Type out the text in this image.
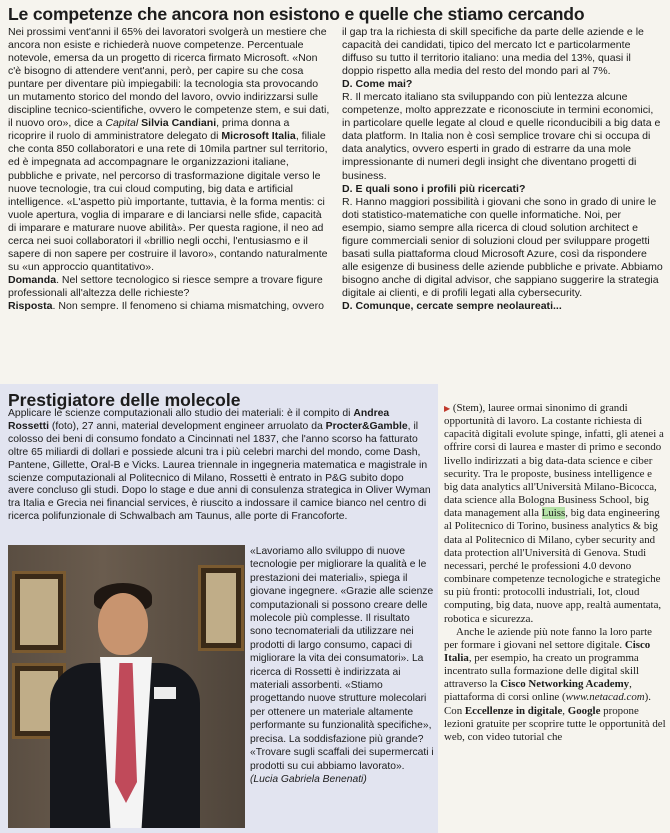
Le competenze che ancora non esistono e quelle che stiamo cercando

Nei prossimi vent'anni il 65% dei lavoratori svolgerà un mestiere che ancora non esiste e richiederà nuove competenze. Percentuale notevole, emersa da un progetto di ricerca firmato Microsoft. «Non c'è bisogno di attendere vent'anni, però, per capire su che cosa puntare per diventare più impiegabili: la tecnologia sta provocando un mutamento storico del mondo del lavoro, ovvio indirizzarsi sulle discipline tecnico-scientifiche, ovvero le competenze stem, e sui dati, il nuovo oro», dice a Capital Silvia Candiani, prima donna a ricoprire il ruolo di amministratore delegato di Microsoft Italia, filiale che conta 850 collaboratori e una rete di 10mila partner sul territorio, ed è impegnata ad accompagnare le organizzazioni italiane, pubbliche e private, nel percorso di trasformazione digitale verso le nuove tecnologie, tra cui cloud computing, big data e artificial intelligence. «L'aspetto più importante, tuttavia, è la forma mentis: ci vuole apertura, voglia di imparare e di lanciarsi nelle sfide, capacità di imparare e maturare nuove abilità». Per questa ragione, il neo ad cerca nei suoi collaboratori il «brillio negli occhi, l'entusiasmo e il sapere di non sapere per costruire il lavoro», contando naturalmente su «un approccio quantitativo».

Domanda. Nel settore tecnologico si riesce sempre a trovare figure professionali all'altezza delle richieste?

Risposta. Non sempre. Il fenomeno si chiama mismatching, ovvero

il gap tra la richiesta di skill specifiche da parte delle aziende e le capacità dei candidati, tipico del mercato Ict e particolarmente diffuso su tutto il territorio italiano: una media del 13%, quasi il doppio rispetto alla media del resto del mondo pari al 7%.

D. Come mai?

R. Il mercato italiano sta sviluppando con più lentezza alcune competenze, molto apprezzate e riconosciute in termini economici, in particolare quelle legate al cloud e quelle riconducibili a big data e data platform. In Italia non è così semplice trovare chi si occupa di data analytics, ovvero esperti in grado di estrarre da una mole impressionante di numeri degli insight che diventano progetti di business.

D. E quali sono i profili più ricercati?

R. Hanno maggiori possibilità i giovani che sono in grado di unire le doti statistico-matematiche con quelle informatiche. Noi, per esempio, siamo sempre alla ricerca di cloud solution architect e figure commerciali senior di soluzioni cloud per sviluppare progetti basati sulla piattaforma cloud Microsoft Azure, così da rispondere alle esigenze di business delle aziende pubbliche e private. Abbiamo bisogno anche di digital advisor, che sappiano suggerire la strategia digitale ai clienti, e di profili legati alla cybersecurity.

D. Comunque, cercate sempre neolaureati...

Prestigiatore delle molecole

Applicare le scienze computazionali allo studio dei materiali: è il compito di Andrea Rossetti (foto), 27 anni, material development engineer arruolato da Procter&Gamble, il colosso dei beni di consumo fondato a Cincinnati nel 1837, che l'anno scorso ha fatturato oltre 65 miliardi di dollari e possiede alcuni tra i più celebri marchi del mondo, come Dash, Pantene, Gillette, Oral-B e Vicks. Laurea triennale in ingegneria matematica e magistrale in scienze computazionali al Politecnico di Milano, Rossetti è entrato in P&G subito dopo avere concluso gli studi. Dopo lo stage e due anni di consulenza strategica in Oliver Wyman tra Italia e Grecia nei financial services, è riuscito a indossare il camice bianco nel centro di ricerca polifunzionale di Schwalbach am Taunus, alle porte di Francoforte.

«Lavoriamo allo sviluppo di nuove tecnologie per migliorare la qualità e le prestazioni dei materiali», spiega il giovane ingegnere. «Grazie alle scienze computazionali si possono creare delle molecole più complesse. Il risultato sono tecnomateriali da utilizzare nei prodotti di largo consumo, capaci di migliorare la vita dei consumatori». La ricerca di Rossetti è indirizzata ai materiali assorbenti. «Stiamo progettando nuove strutture molecolari per ottenere un materiale altamente performante su funzionalità specifiche», precisa. La soddisfazione più grande? «Trovare sugli scaffali dei supermercati i prodotti su cui abbiamo lavorato». (Lucia Gabriela Benenati)

▶ (Stem), lauree ormai sinonimo di grandi opportunità di lavoro. La costante richiesta di capacità digitali evolute spinge, infatti, gli atenei a offrire corsi di laurea e master di primo e secondo livello indirizzati a big data-data science e ciber security. Tra le proposte, business intelligence e big data analytics all'Università Milano-Bicocca, data science alla Bologna Business School, big data management alla Luiss, big data engineering al Politecnico di Torino, business analytics & big data al Politecnico di Milano, cyber security and data protection all'Università di Genova. Studi necessari, perché le professioni 4.0 devono combinare competenze tecnologiche e strategiche su più fronti: protocolli industriali, Iot, cloud computing, big data, nuove app, realtà aumentata, robotica e sicurezza.

Anche le aziende più note fanno la loro parte per formare i giovani nel settore digitale. Cisco Italia, per esempio, ha creato un programma incentrato sulla formazione delle digital skill attraverso la Cisco Networking Academy, piattaforma di corsi online (www.netacad.com). Con Eccellenze in digitale, Google propone lezioni gratuite per scoprire tutte le opportunità del web, con video tutorial che
